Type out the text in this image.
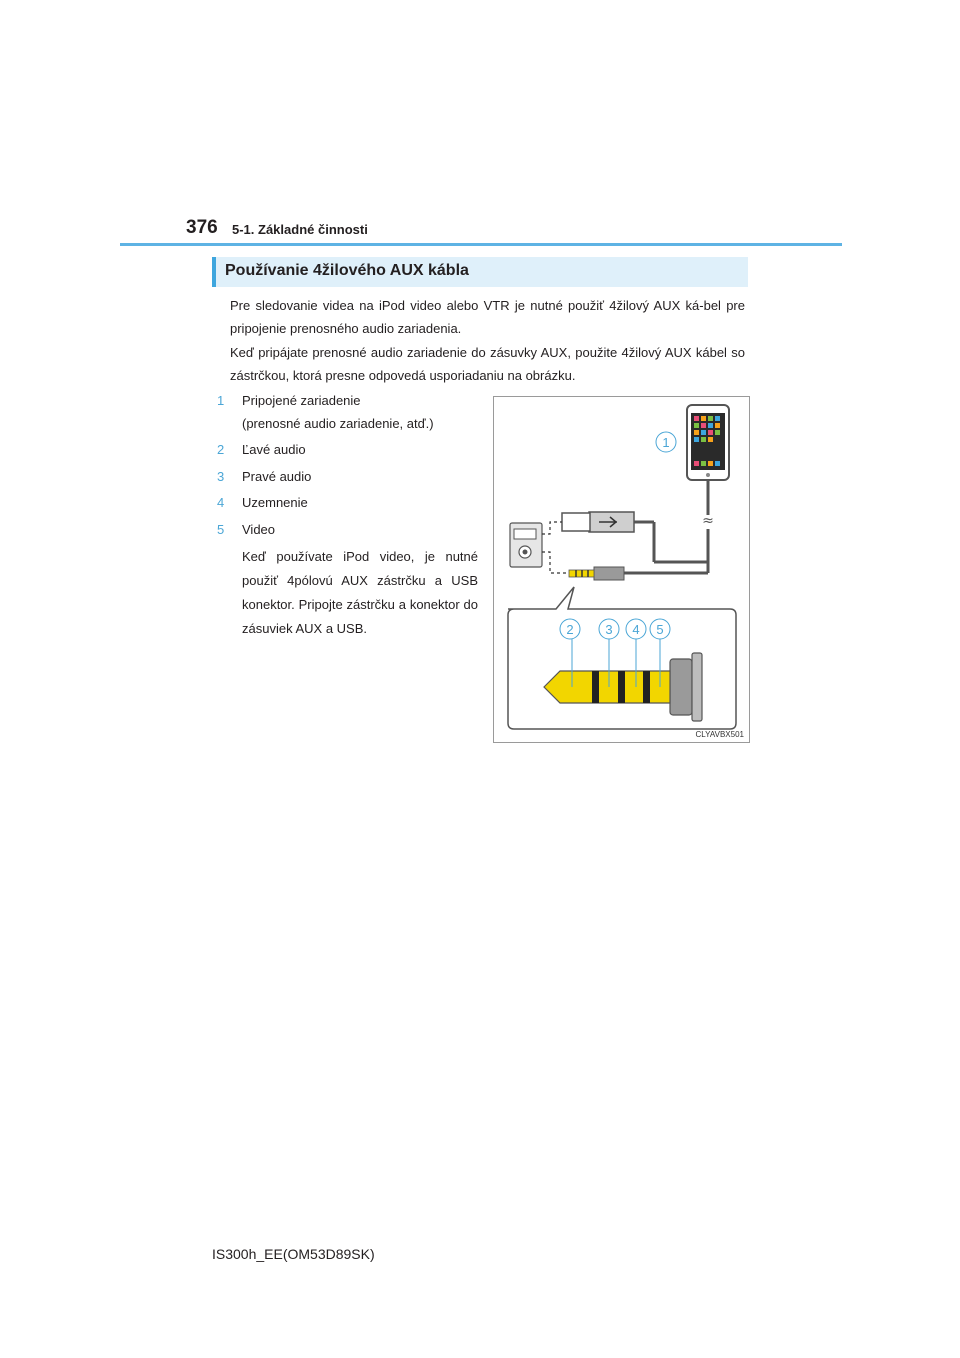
376 5-1. Základné činnosti
Používanie 4žilového AUX kábla
Pre sledovanie videa na iPod video alebo VTR je nutné použiť 4žilový AUX ká-bel pre pripojenie prenosného audio zariadenia.
Keď pripájate prenosné audio zariadenie do zásuvky AUX, použite 4žilový AUX kábel so zástrčkou, ktorá presne odpovedá usporiadaniu na obrázku.
1 Pripojené zariadenie
(prenosné audio zariadenie, atď.)
2 Ľavé audio
3 Pravé audio
4 Uzemnenie
5 Video
Keď používate iPod video, je nutné použiť 4pólovú AUX zástrčku a USB konektor. Pripojte zástrčku a konektor do zásuviek AUX a USB.
1
≈
2 3 4 5
CLYAVBX501
IS300h_EE(OM53D89SK)
